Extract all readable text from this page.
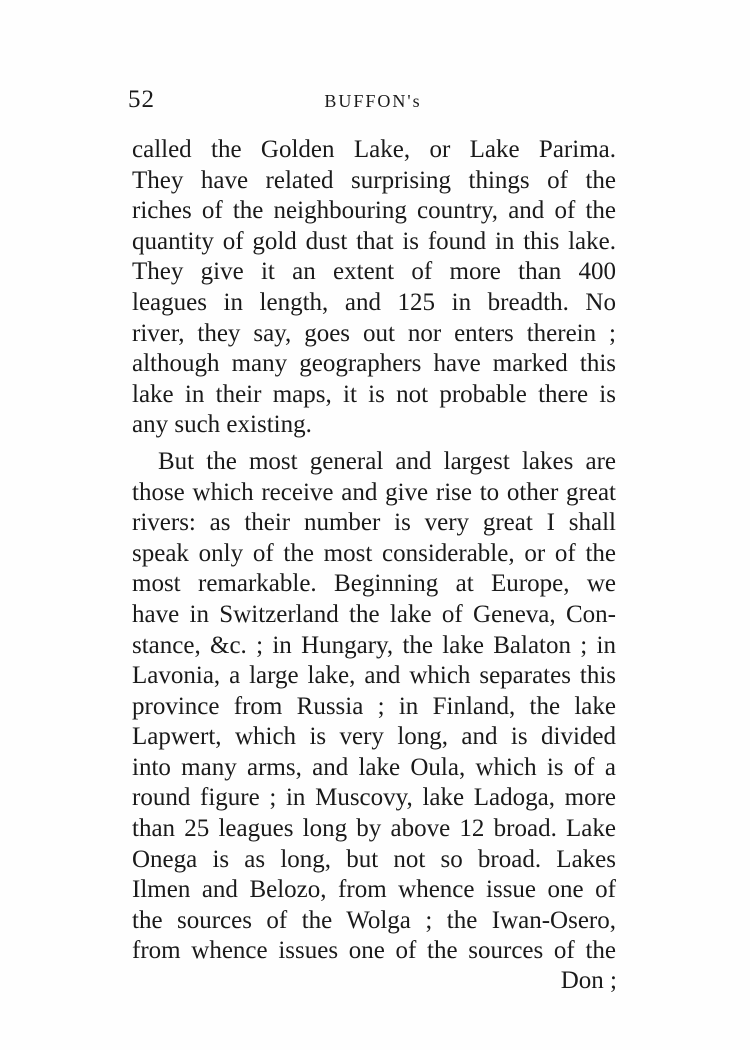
52	BUFFON's
called the Golden Lake, or Lake Parima.
They have related surprising things of the
riches of the neighbouring country, and of the
quantity of gold dust that is found in this lake.
They give it an extent of more than 400
leagues in length, and 125 in breadth. No
river, they say, goes out nor enters therein ;
although many geographers have marked this
lake in their maps, it is not probable there is
any such existing.
But the most general and largest lakes are
those which receive and give rise to other great
rivers: as their number is very great I shall
speak only of the most considerable, or of the
most remarkable. Beginning at Europe, we
have in Switzerland the lake of Geneva, Con-
stance, &c. ; in Hungary, the lake Balaton ; in
Lavonia, a large lake, and which separates this
province from Russia ; in Finland, the lake
Lapwert, which is very long, and is divided
into many arms, and lake Oula, which is of a
round figure ; in Muscovy, lake Ladoga, more
than 25 leagues long by above 12 broad. Lake
Onega is as long, but not so broad. Lakes
Ilmen and Belozo, from whence issue one of
the sources of the Wolga ; the Iwan-Osero,
from whence issues one of the sources of the
Don ;
